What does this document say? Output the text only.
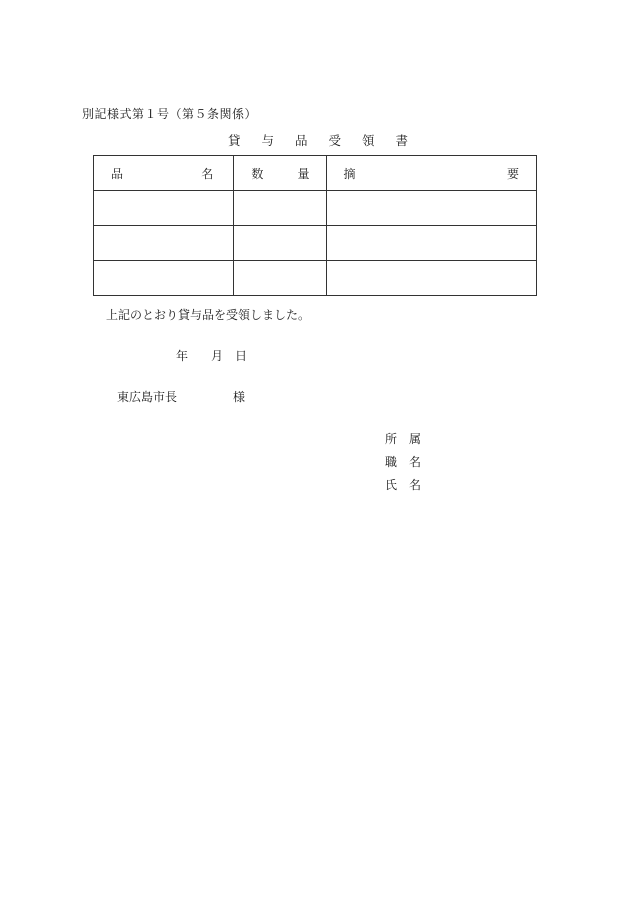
別記様式第１号（第５条関係）
貸	与	品	受	領	書
品 名	数 量	摘 要

上記のとおり貸与品を受領しました。
年 月 日
東広島市長	様
所 属
職 名
氏 名
